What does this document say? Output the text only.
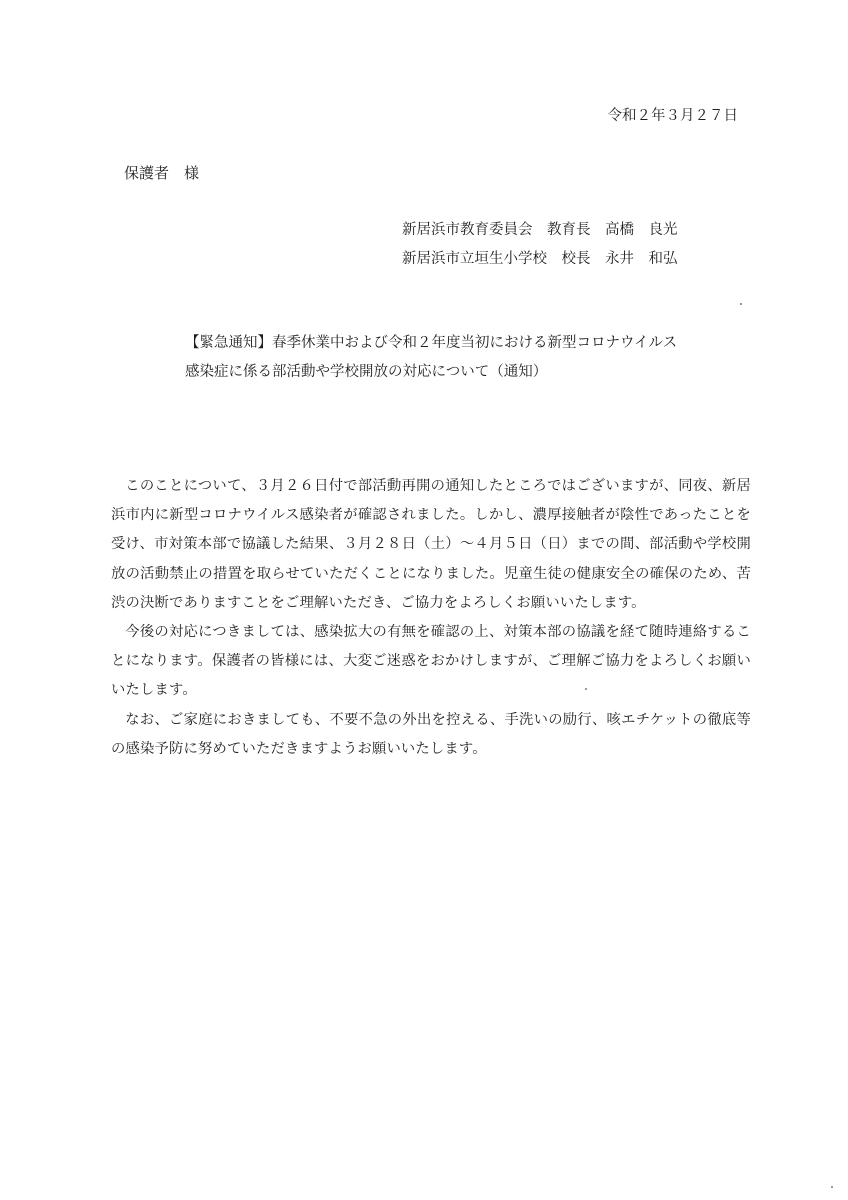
令和２年３月２７日
保護者　様
新居浜市教育委員会　教育長　高橋　良光
新居浜市立垣生小学校　校長　永井　和弘
【緊急通知】春季休業中および令和２年度当初における新型コロナウイルス
感染症に係る部活動や学校開放の対応について（通知）

このことについて、３月２６日付で部活動再開の通知したところではございますが、同夜、新居浜市内に新型コロナウイルス感染者が確認されました。しかし、濃厚接触者が陰性であったことを受け、市対策本部で協議した結果、３月２８日（土）～４月５日（日）までの間、部活動や学校開放の活動禁止の措置を取らせていただくことになりました。児童生徒の健康安全の確保のため、苦渋の決断でありますことをご理解いただき、ご協力をよろしくお願いいたします。

今後の対応につきましては、感染拡大の有無を確認の上、対策本部の協議を経て随時連絡することになります。保護者の皆様には、大変ご迷惑をおかけしますが、ご理解ご協力をよろしくお願いいたします。

なお、ご家庭におきましても、不要不急の外出を控える、手洗いの励行、咳エチケットの徹底等の感染予防に努めていただきますようお願いいたします。
